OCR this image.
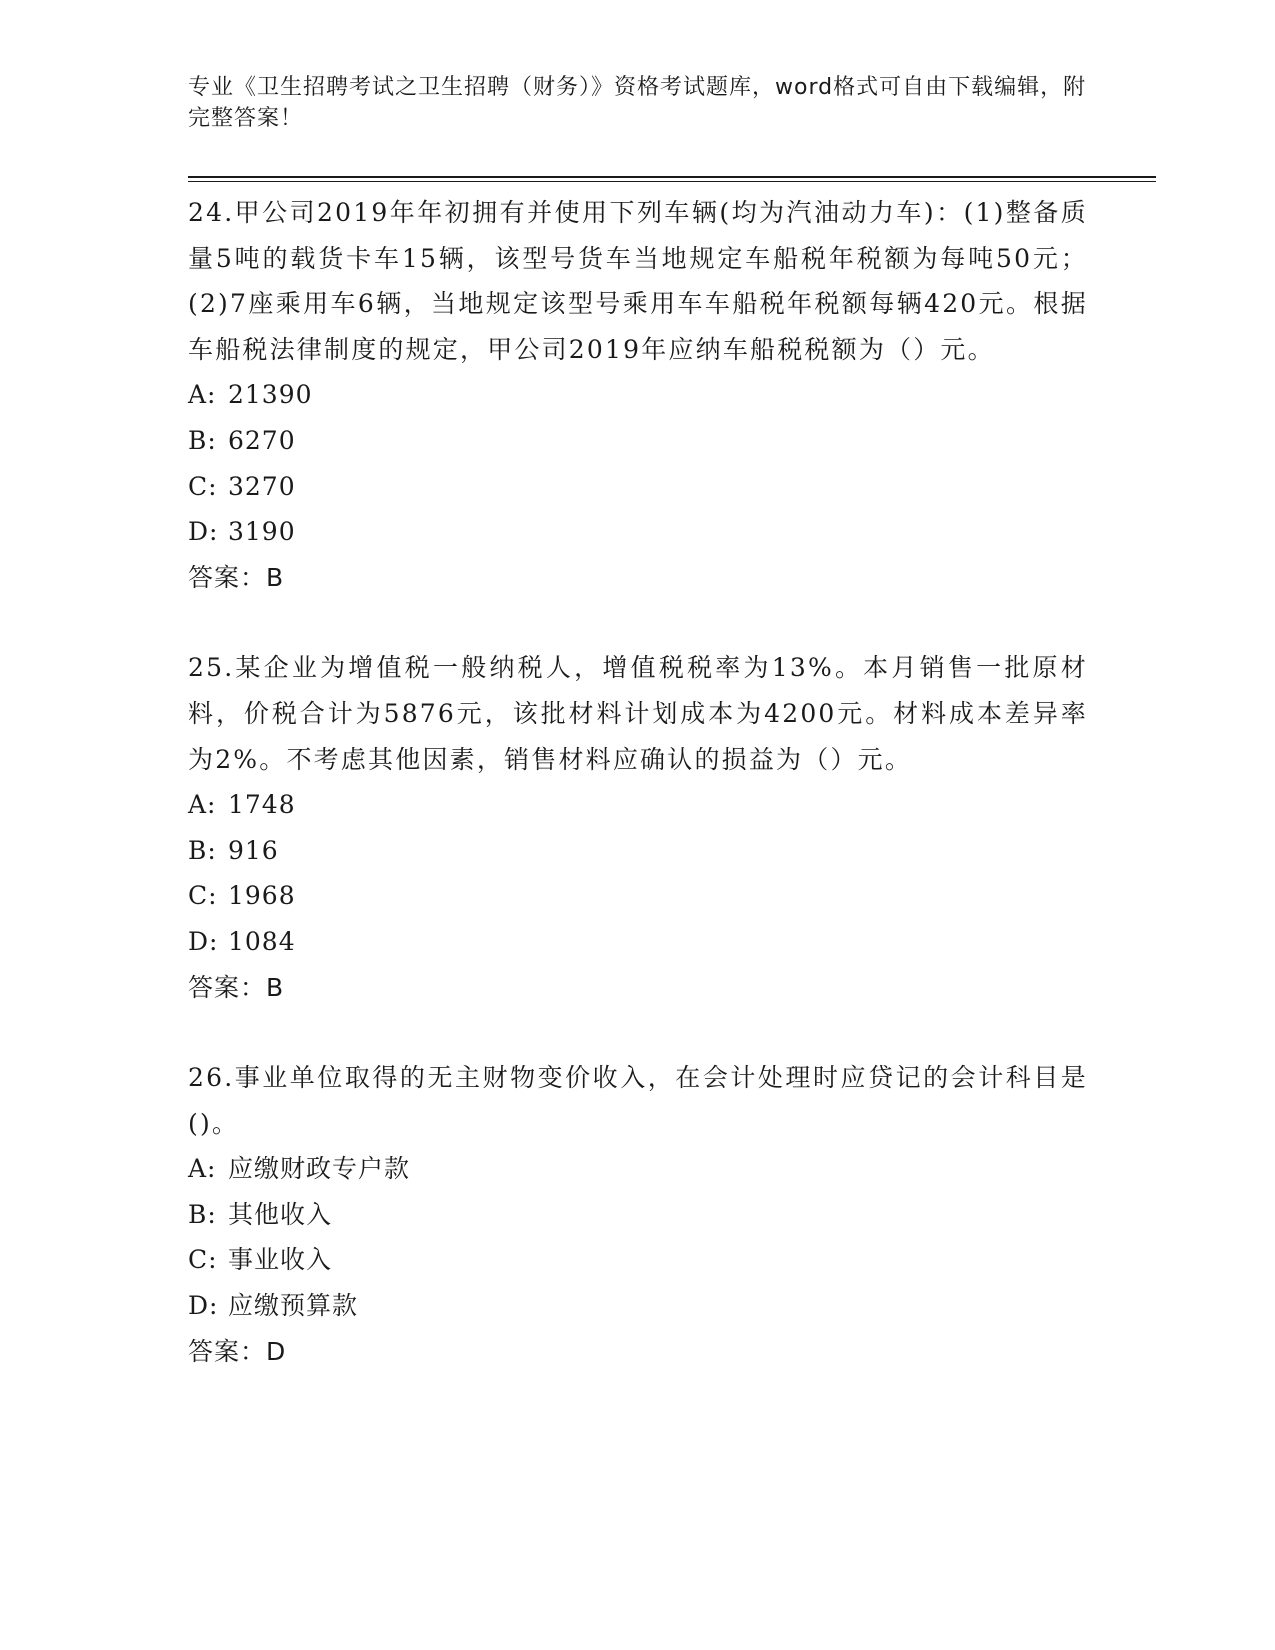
专业《卫生招聘考试之卫生招聘（财务）》资格考试题库，word格式可自由下载编辑，附完整答案！

24.甲公司2019年年初拥有并使用下列车辆(均为汽油动力车)：(1)整备质量5吨的载货卡车15辆，该型号货车当地规定车船税年税额为每吨50元；(2)7座乘用车6辆，当地规定该型号乘用车车船税年税额每辆420元。根据车船税法律制度的规定，甲公司2019年应纳车船税税额为（）元。

A: 21390

B: 6270

C: 3270

D: 3190

答案：B

25.某企业为增值税一般纳税人，增值税税率为13%。本月销售一批原材料，价税合计为5876元，该批材料计划成本为4200元。材料成本差异率为2%。不考虑其他因素，销售材料应确认的损益为（）元。

A: 1748

B: 916

C: 1968

D: 1084

答案：B

26.事业单位取得的无主财物变价收入，在会计处理时应贷记的会计科目是()。

A: 应缴财政专户款

B: 其他收入

C: 事业收入

D: 应缴预算款

答案：D
